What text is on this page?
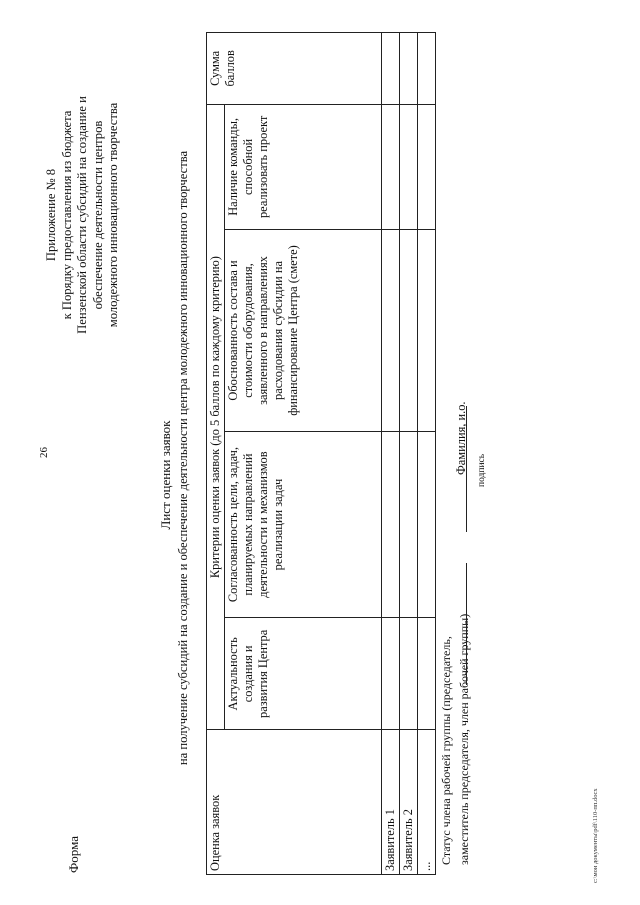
26
Форма
Приложение № 8 к Порядку предоставления из бюджета Пензенской области субсидий на создание и обеспечение деятельности центров молодежного инновационного творчества
Лист оценки заявок на получение субсидий на создание и обеспечение деятельности центра молодежного инновационного творчества
Оценка заявок	Критерии оценки заявок (до 5 баллов по каждому критерию)				Сумма баллов
	Актуальность создания и развития Центра	Согласованность цели, задач, планируемых направлений деятельности и механизмов реализации задач	Обоснованность состава и стоимости оборудования, заявленного в направлениях расходования субсидии на финансирование Центра (смете)	Наличие команды, способной реализовать проект	
Заявитель 1					
Заявитель 2					
...					
Статус члена рабочей группы (председатель, заместитель председателя, член рабочей группы)
подпись
Фамилия, и.о.
c:\мои документы\pdf\110-пп.docx
